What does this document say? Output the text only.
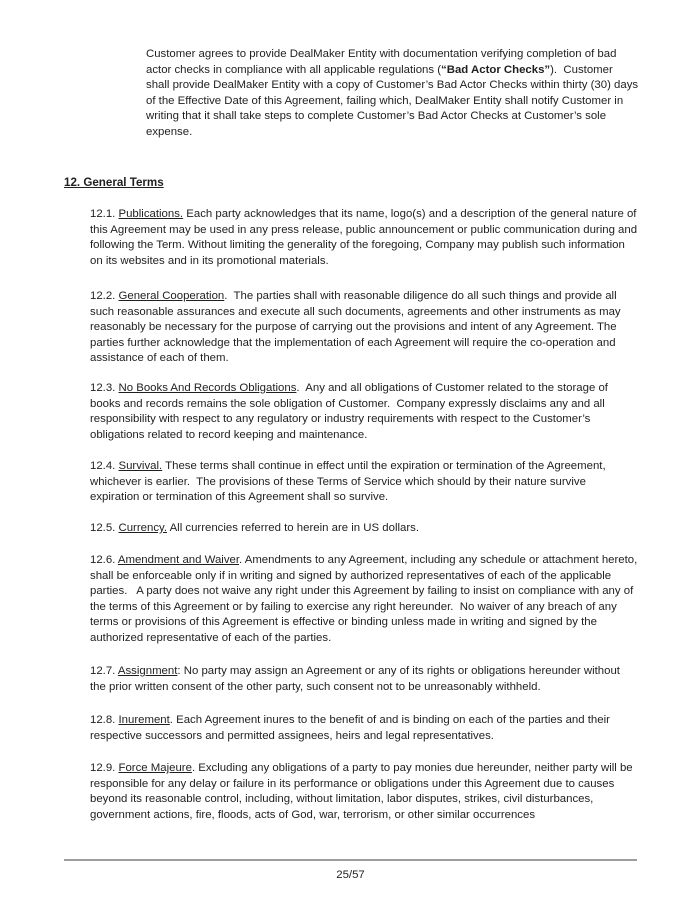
Customer agrees to provide DealMaker Entity with documentation verifying completion of bad actor checks in compliance with all applicable regulations (“Bad Actor Checks”).  Customer shall provide DealMaker Entity with a copy of Customer’s Bad Actor Checks within thirty (30) days of the Effective Date of this Agreement, failing which, DealMaker Entity shall notify Customer in writing that it shall take steps to complete Customer’s Bad Actor Checks at Customer’s sole expense.

12. General Terms

12.1. Publications. Each party acknowledges that its name, logo(s) and a description of the general nature of this Agreement may be used in any press release, public announcement or public communication during and following the Term. Without limiting the generality of the foregoing, Company may publish such information on its websites and in its promotional materials.

12.2. General Cooperation.  The parties shall with reasonable diligence do all such things and provide all such reasonable assurances and execute all such documents, agreements and other instruments as may reasonably be necessary for the purpose of carrying out the provisions and intent of any Agreement. The parties further acknowledge that the implementation of each Agreement will require the co-operation and assistance of each of them.

12.3. No Books And Records Obligations.  Any and all obligations of Customer related to the storage of books and records remains the sole obligation of Customer.  Company expressly disclaims any and all responsibility with respect to any regulatory or industry requirements with respect to the Customer’s obligations related to record keeping and maintenance.

12.4. Survival. These terms shall continue in effect until the expiration or termination of the Agreement, whichever is earlier.  The provisions of these Terms of Service which should by their nature survive expiration or termination of this Agreement shall so survive.

12.5. Currency. All currencies referred to herein are in US dollars.

12.6. Amendment and Waiver. Amendments to any Agreement, including any schedule or attachment hereto, shall be enforceable only if in writing and signed by authorized representatives of each of the applicable parties.   A party does not waive any right under this Agreement by failing to insist on compliance with any of the terms of this Agreement or by failing to exercise any right hereunder.  No waiver of any breach of any terms or provisions of this Agreement is effective or binding unless made in writing and signed by the authorized representative of each of the parties.

12.7. Assignment: No party may assign an Agreement or any of its rights or obligations hereunder without the prior written consent of the other party, such consent not to be unreasonably withheld.

12.8. Inurement. Each Agreement inures to the benefit of and is binding on each of the parties and their respective successors and permitted assignees, heirs and legal representatives.

12.9. Force Majeure. Excluding any obligations of a party to pay monies due hereunder, neither party will be responsible for any delay or failure in its performance or obligations under this Agreement due to causes beyond its reasonable control, including, without limitation, labor disputes, strikes, civil disturbances, government actions, fire, floods, acts of God, war, terrorism, or other similar occurrences

25/57
